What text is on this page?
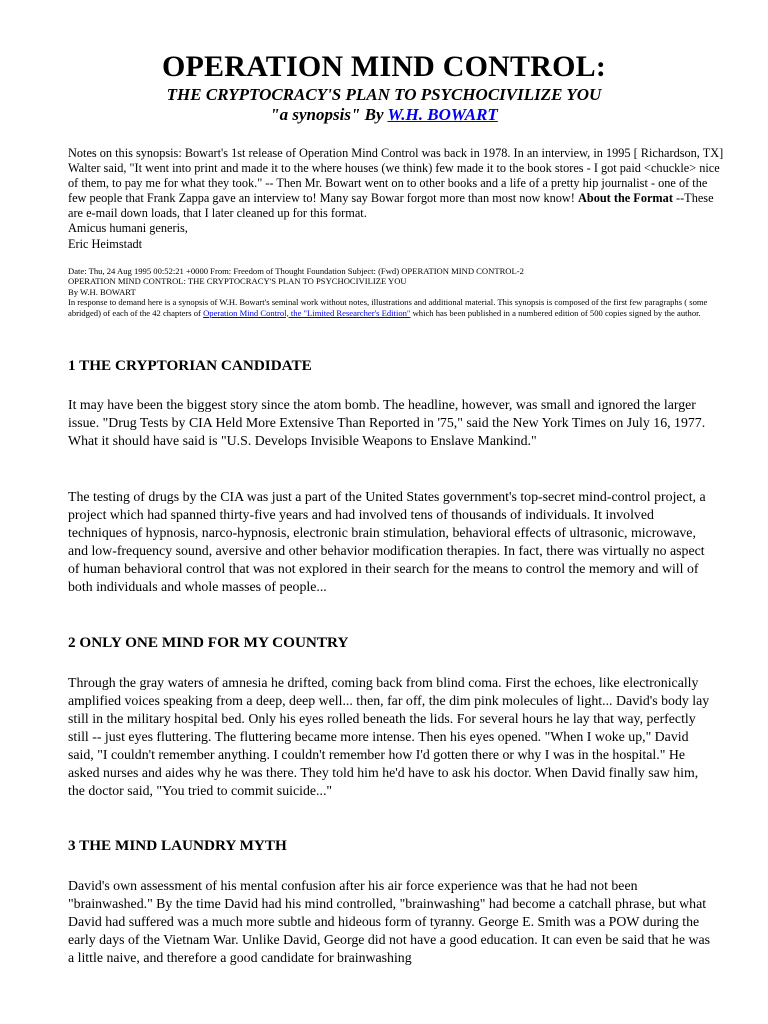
OPERATION MIND CONTROL:
THE CRYPTOCRACY'S PLAN TO PSYCHOCIVILIZE YOU
"a synopsis" By W.H. BOWART

Notes on this synopsis: Bowart's 1st release of Operation Mind Control was back in 1978. In an interview, in 1995 [ Richardson, TX] Walter said, "It went into print and made it to the where houses (we think) few made it to the book stores - I got paid <chuckle> nice of them, to pay me for what they took." -- Then Mr. Bowart went on to other books and a life of a pretty hip journalist - one of the few people that Frank Zappa gave an interview to! Many say Bowar forgot more than most now know! About the Format --These are e-mail down loads, that I later cleaned up for this format.

Amicus humani generis,

Eric Heimstadt

Date: Thu, 24 Aug 1995 00:52:21 +0000 From: Freedom of Thought Foundation Subject: (Fwd) OPERATION MIND CONTROL-2

OPERATION MIND CONTROL: THE CRYPTOCRACY'S PLAN TO PSYCHOCIVILIZE YOU

By W.H. BOWART

In response to demand here is a synopsis of W.H. Bowart's seminal work without notes, illustrations and additional material. This synopsis is composed of the first few paragraphs ( some abridged) of each of the 42 chapters of Operation Mind Control, the "Limited Researcher's Edition" which has been published in a numbered edition of 500 copies signed by the author.

1 THE CRYPTORIAN CANDIDATE

It may have been the biggest story since the atom bomb. The headline, however, was small and ignored the larger issue. "Drug Tests by CIA Held More Extensive Than Reported in '75," said the New York Times on July 16, 1977. What it should have said is "U.S. Develops Invisible Weapons to Enslave Mankind."

The testing of drugs by the CIA was just a part of the United States government's top-secret mind-control project, a project which had spanned thirty-five years and had involved tens of thousands of individuals. It involved techniques of hypnosis, narco-hypnosis, electronic brain stimulation, behavioral effects of ultrasonic, microwave, and low-frequency sound, aversive and other behavior modification therapies. In fact, there was virtually no aspect of human behavioral control that was not explored in their search for the means to control the memory and will of both individuals and whole masses of people...

2 ONLY ONE MIND FOR MY COUNTRY

Through the gray waters of amnesia he drifted, coming back from blind coma. First the echoes, like electronically amplified voices speaking from a deep, deep well... then, far off, the dim pink molecules of light... David's body lay still in the military hospital bed. Only his eyes rolled beneath the lids. For several hours he lay that way, perfectly still -- just eyes fluttering. The fluttering became more intense. Then his eyes opened. "When I woke up," David said, "I couldn't remember anything. I couldn't remember how I'd gotten there or why I was in the hospital." He asked nurses and aides why he was there. They told him he'd have to ask his doctor. When David finally saw him, the doctor said, "You tried to commit suicide..."

3 THE MIND LAUNDRY MYTH

David's own assessment of his mental confusion after his air force experience was that he had not been "brainwashed." By the time David had his mind controlled, "brainwashing" had become a catchall phrase, but what David had suffered was a much more subtle and hideous form of tyranny. George E. Smith was a POW during the early days of the Vietnam War. Unlike David, George did not have a good education. It can even be said that he was a little naive, and therefore a good candidate for brainwashing
